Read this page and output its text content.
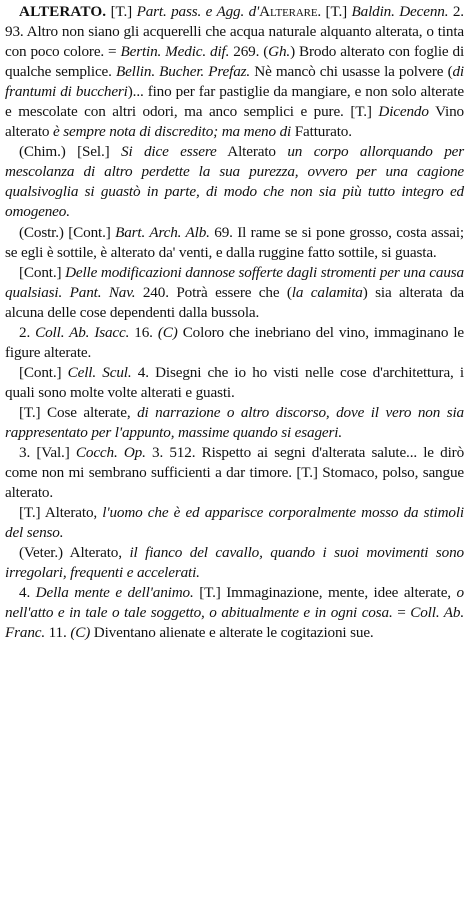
ALTERATO. [T.] Part. pass. e Agg. d'Alterare. [T.] Baldin. Decenn. 2. 93. Altro non siano gli acquerelli che acqua naturale alquanto alterata, o tinta con poco colore. = Bertin. Medic. dif. 269. (Gh.) Brodo alterato con foglie di qualche semplice. Bellin. Bucher. Prefaz. Nè mancò chi usasse la polvere (di frantumi di buccheri)... fino per far pastiglie da mangiare, e non solo alterate e mescolate con altri odori, ma anco semplici e pure. [T.] Dicendo Vino alterato è sempre nota di discredito; ma meno di Fatturato.

(Chim.) [Sel.] Si dice essere Alterato un corpo allorquando per mescolanza di altro perdette la sua purezza, ovvero per una cagione qualsivoglia si guastò in parte, di modo che non sia più tutto integro ed omogeneo.

(Costr.) [Cont.] Bart. Arch. Alb. 69. Il rame se si pone grosso, costa assai; se egli è sottile, è alterato da' venti, e dalla ruggine fatto sottile, si guasta.

[Cont.] Delle modificazioni dannose sofferte dagli stromenti per una causa qualsiasi. Pant. Nav. 240. Potrà essere che (la calamita) sia alterata da alcuna delle cose dependenti dalla bussola.

2. Coll. Ab. Isacc. 16. (C) Coloro che inebriano del vino, immaginano le figure alterate.

[Cont.] Cell. Scul. 4. Disegni che io ho visti nelle cose d'architettura, i quali sono molte volte alterati e guasti.

[T.] Cose alterate, di narrazione o altro discorso, dove il vero non sia rappresentato per l'appunto, massime quando si esageri.

3. [Val.] Cocch. Op. 3. 512. Rispetto ai segni d'alterata salute... le dirò come non mi sembrano sufficienti a dar timore. [T.] Stomaco, polso, sangue alterato.

[T.] Alterato, l'uomo che è ed apparisce corporalmente mosso da stimoli del senso.

(Veter.) Alterato, il fianco del cavallo, quando i suoi movimenti sono irregolari, frequenti e accelerati.

4. Della mente e dell'animo. [T.] Immaginazione, mente, idee alterate, o nell'atto e in tale o tale soggetto, o abitualmente e in ogni cosa. = Coll. Ab. Franc. 11. (C) Diventano alienate e alterate le cogitazioni sue.
